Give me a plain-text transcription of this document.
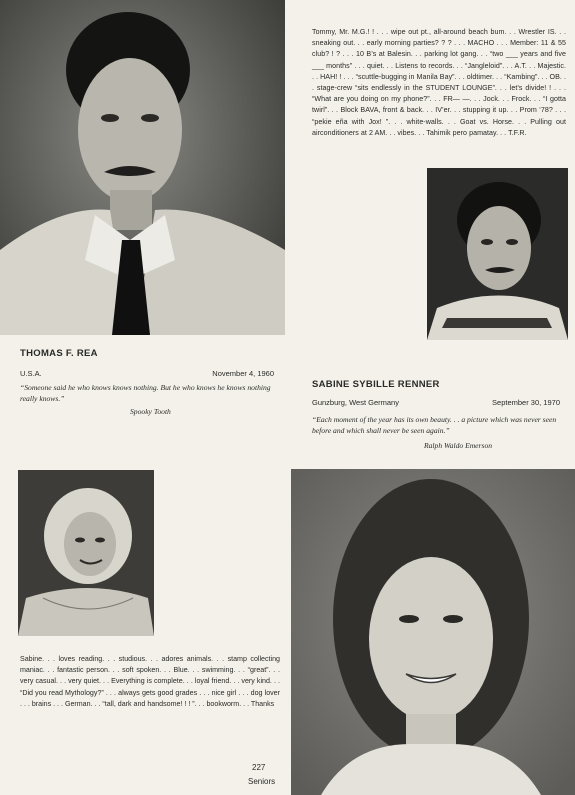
Tommy, Mr. M.G.! ! . . . wipe out pt., all-around beach bum. . . Wrestler IS. . . sneaking out. . . early morning parties? ? ? . . . MACHO . . . Member: 11 & 55 club? ! ? . . . 10 B’s at Balesin. . . parking lot gang. . . “two ___ years and five ___ months” . . . quiet. . . Listens to records. . . “Jangleloid”. . . A.T. . . Majestic. . . HAH! ! . . . “scuttle-bugging in Manila Bay”. . . oldtimer. . . “Kambing”. . . OB. . . stage-crew “sits endlessly in the STUDENT LOUNGE”. . . let’s divide! ! . . . “What are you doing on my phone?”. . . FR— —. . . Jock. . . Frock. . . “I gotta twirl”. . . Block BAVA, front & back. . . IV’er. . . stupping it up. . . Prom ‘78? . . . “pekie eña with Jox! ”. . . white-walls. . . Goat vs. Horse. . . Pulling out airconditioners at 2 AM. . . vibes. . . Tahimik pero pamatay. . . T.F.R.

THOMAS F. REA
U.S.A.	November 4, 1960

“Someone said he who knows knows nothing. But he who knows he knows nothing really knows.”

Spooky Tooth
SABINE SYBILLE RENNER
Gunzburg, West Germany	September 30, 1970

“Each moment of the year has its own beauty. . . a picture which was never seen before and which shall never be seen again.”

Ralph Waldo Emerson

Sabine. . . loves reading. . . studious. . . adores animals. . . stamp collecting maniac. . . fantastic person. . . soft spoken. . . Blue. . . swimming. . . “great”. . . very casual. . . very quiet. . . Everything is complete. . . loyal friend. . . very kind. . . “Did you read Mythology?” . . . always gets good grades . . . nice girl . . . dog lover . . . brains . . . German. . . “tall, dark and handsome! ! ! ”. . . bookworm. . . Thanks

227
Seniors
